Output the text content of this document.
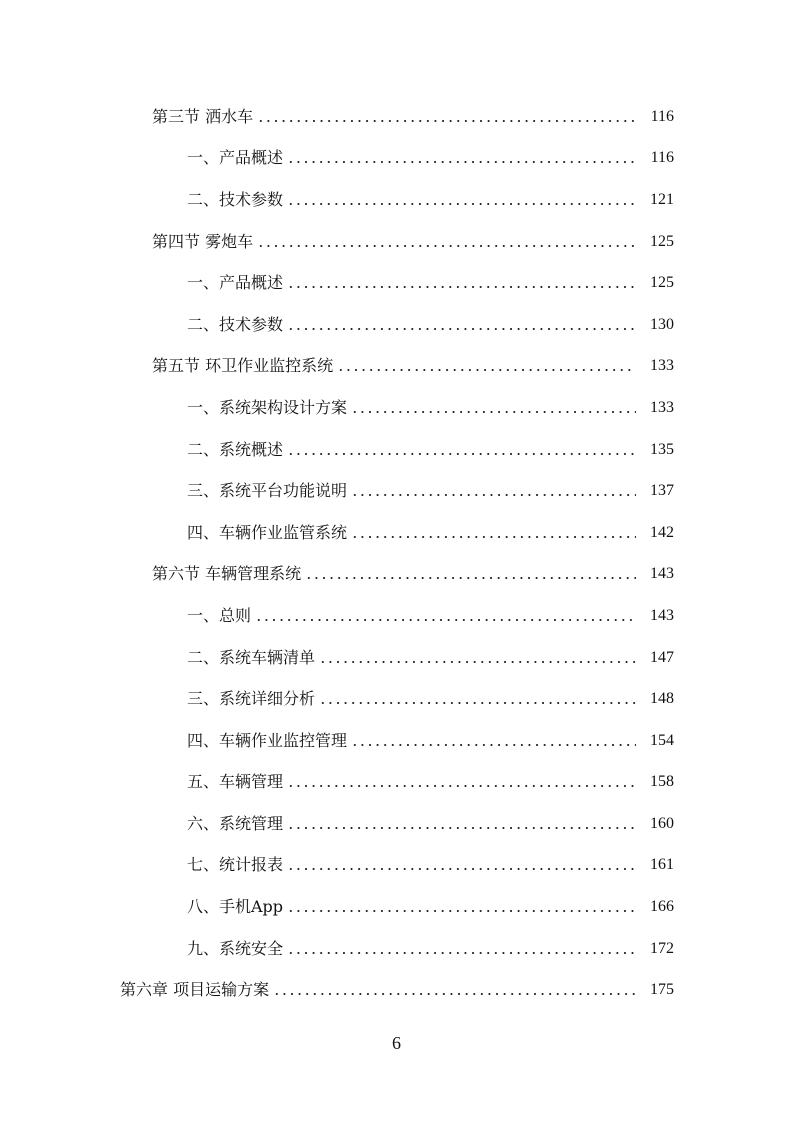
第三节 洒水车	116
一、产品概述	116
二、技术参数	121
第四节 雾炮车	125
一、产品概述	125
二、技术参数	130
第五节 环卫作业监控系统	133
一、系统架构设计方案	133
二、系统概述	135
三、系统平台功能说明	137
四、车辆作业监管系统	142
第六节 车辆管理系统	143
一、总则	143
二、系统车辆清单	147
三、系统详细分析	148
四、车辆作业监控管理	154
五、车辆管理	158
六、系统管理	160
七、统计报表	161
八、手机App	166
九、系统安全	172
第六章 项目运输方案	175
6
